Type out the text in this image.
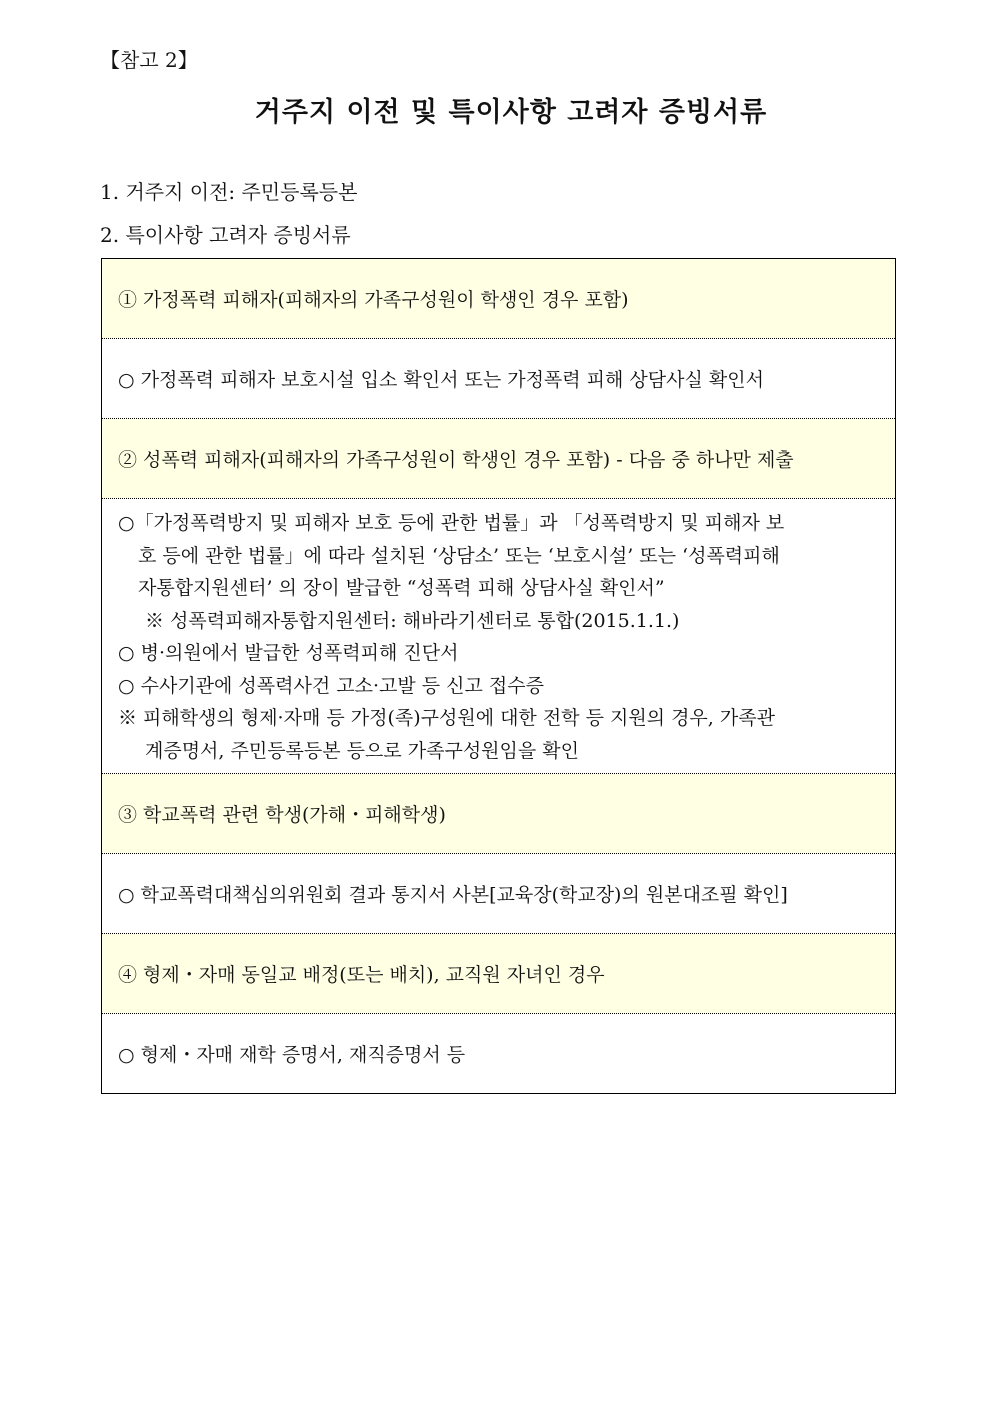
【참고 2】
거주지 이전 및 특이사항 고려자 증빙서류
1. 거주지 이전: 주민등록등본
2. 특이사항 고려자 증빙서류
① 가정폭력 피해자(피해자의 가족구성원이 학생인 경우 포함)
○ 가정폭력 피해자 보호시설 입소 확인서 또는 가정폭력 피해 상담사실 확인서
② 성폭력 피해자(피해자의 가족구성원이 학생인 경우 포함) - 다음 중 하나만 제출

○「가정폭력방지 및 피해자 보호 등에 관한 법률」과 「성폭력방지 및 피해자 보
호 등에 관한 법률」에 따라 설치된 ‘상담소’ 또는 ‘보호시설’ 또는 ‘성폭력피해
자통합지원센터’ 의 장이 발급한 “성폭력 피해 상담사실 확인서”
※ 성폭력피해자통합지원센터: 해바라기센터로 통합(2015.1.1.)
○ 병·의원에서 발급한 성폭력피해 진단서
○ 수사기관에 성폭력사건 고소·고발 등 신고 접수증
※ 피해학생의 형제·자매 등 가정(족)구성원에 대한 전학 등 지원의 경우, 가족관
계증명서, 주민등록등본 등으로 가족구성원임을 확인

③ 학교폭력 관련 학생(가해・피해학생)
○ 학교폭력대책심의위원회 결과 통지서 사본[교육장(학교장)의 원본대조필 확인]
④ 형제・자매 동일교 배정(또는 배치), 교직원 자녀인 경우
○ 형제・자매 재학 증명서, 재직증명서 등
